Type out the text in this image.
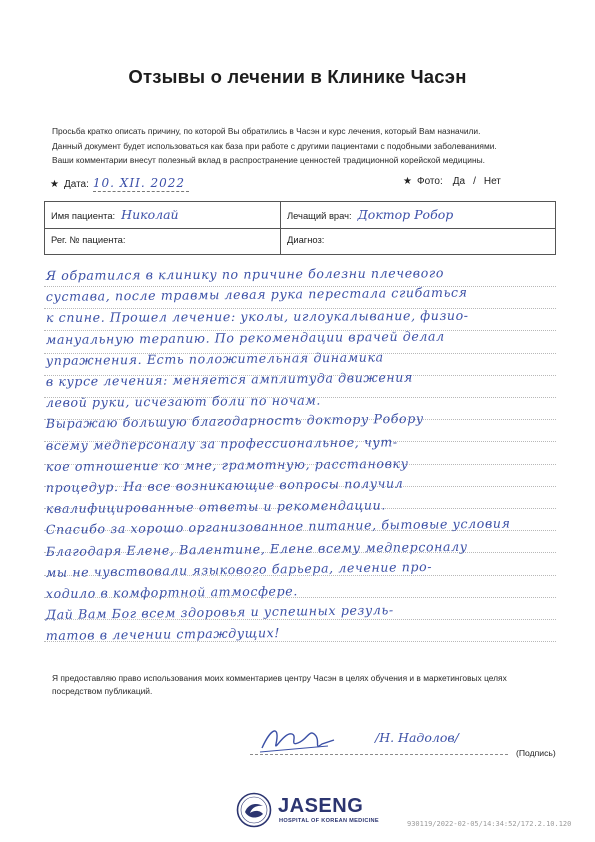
Отзывы о лечении в Клинике Часэн
Просьба кратко описать причину, по которой Вы обратились в Часэн и курс лечения, который Вам назначили.
Данный документ будет использоваться как база при работе с другими пациентами с подобными заболеваниями.
Ваши комментарии внесут полезный вклад в распространение ценностей традиционной корейской медицины.
★ Дата: 10. XII. 2022	★ Фото: Да / Нет
Имя пациента: Николай	Лечащий врач: Доктор Робор
Рег. № пациента:	Диагноз:
Я обратился в клинику по причине болезни плечевого
сустава, после травмы левая рука перестала сгибаться
к спине. Прошел лечение: уколы, иглоукалывание, физио-
мануальную терапию. По рекомендации врачей делал
упражнения. Есть положительная динамика
в курсе лечения: меняется амплитуда движения
левой руки, исчезают боли по ночам.
Выражаю большую благодарность доктору Робору
всему медперсоналу за профессиональное, чут-
кое отношение ко мне, грамотную, расстановку
процедур. На все возникающие вопросы получил
квалифицированные ответы и рекомендации.
Спасибо за хорошо организованное питание, бытовые условия
Благодаря Елене, Валентине, Елене всему медперсоналу
мы не чувствовали языкового барьера, лечение про-
ходило в комфортной атмосфере.
Дай Вам Бог всем здоровья и успешных резуль-
татов в лечении страждущих!
Я предоставляю право использования моих комментариев центру Часэн в целях обучения и в маркетинговых целях
посредством публикаций.
/Н. Надолов/
(Подпись)
JASENG
HOSPITAL OF KOREAN MEDICINE	930119/2022-02-05/14:34:52/172.2.10.120
